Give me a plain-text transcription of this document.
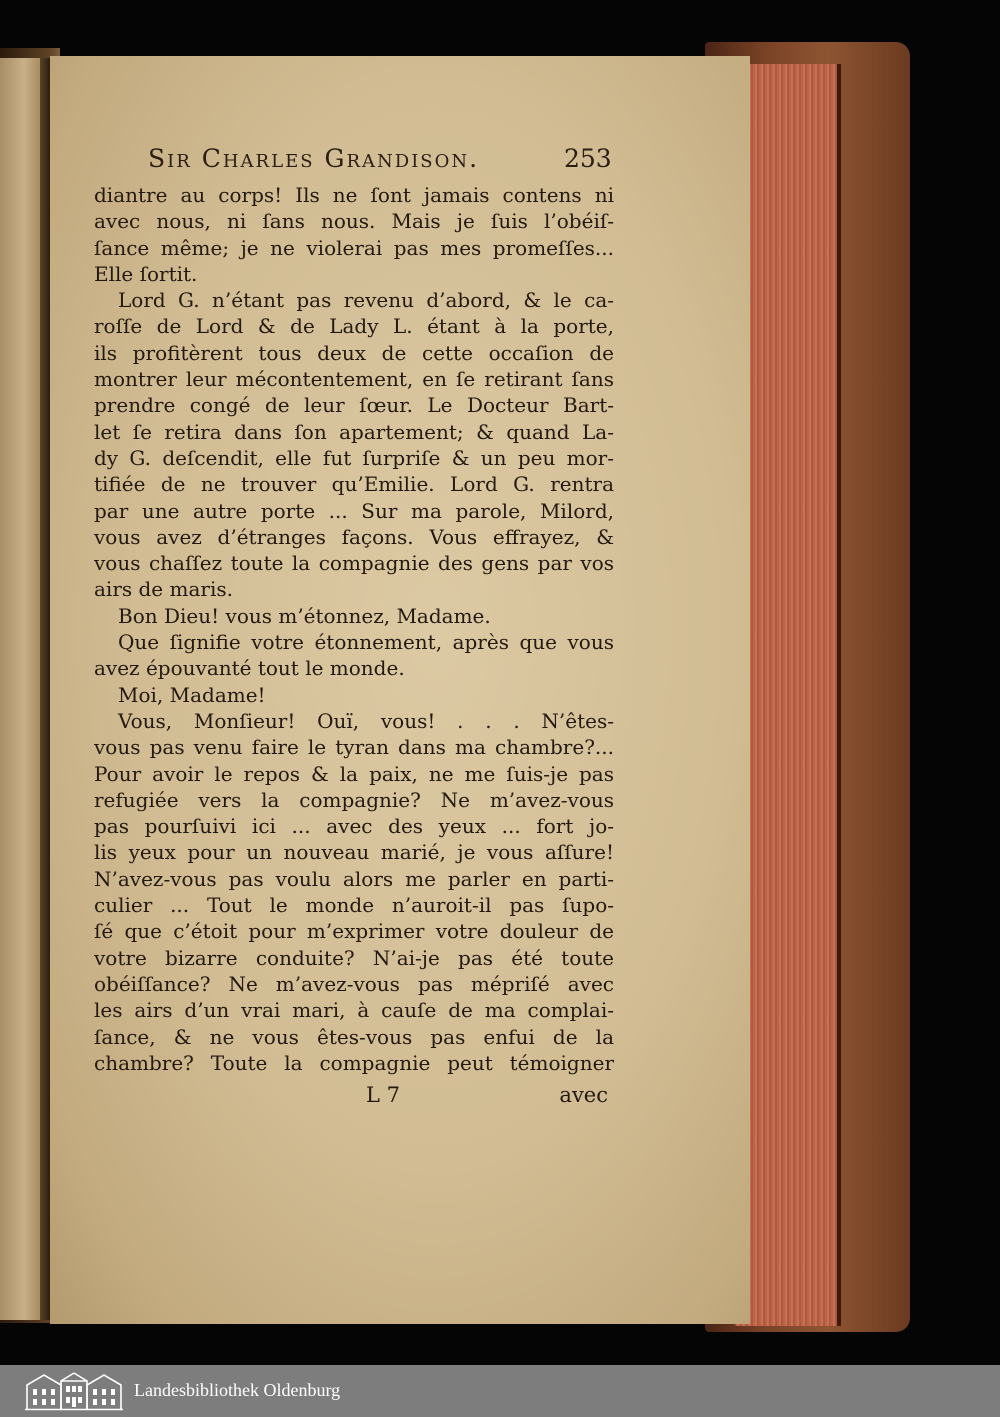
Sir Charles Grandison.	253
diantre au corps! Ils ne ſont jamais contens ni
avec nous, ni ſans nous. Mais je ſuis l’obéiſ-
ſance même; je ne violerai pas mes promeſſes...
Elle ſortit.
Lord G. n’étant pas revenu d’abord, & le ca-
roſſe de Lord & de Lady L. étant à la porte,
ils profitèrent tous deux de cette occaſion de
montrer leur mécontentement, en ſe retirant ſans
prendre congé de leur ſœur. Le Docteur Bart-
let ſe retira dans ſon apartement; & quand La-
dy G. deſcendit, elle fut ſurpriſe & un peu mor-
tifiée de ne trouver qu’Emilie. Lord G. rentra
par une autre porte ... Sur ma parole, Milord,
vous avez d’étranges façons. Vous effrayez, &
vous chaſſez toute la compagnie des gens par vos
airs de maris.
Bon Dieu! vous m’étonnez, Madame.
Que ſignifie votre étonnement, après que vous
avez épouvanté tout le monde.
Moi, Madame!
Vous, Monſieur! Ouï, vous! . . . N’êtes-
vous pas venu faire le tyran dans ma chambre?...
Pour avoir le repos & la paix, ne me ſuis-je pas
refugiée vers la compagnie? Ne m’avez-vous
pas pourſuivi ici ... avec des yeux ... fort jo-
lis yeux pour un nouveau marié, je vous aſſure!
N’avez-vous pas voulu alors me parler en parti-
culier ... Tout le monde n’auroit-il pas ſupo-
ſé que c’étoit pour m’exprimer votre douleur de
votre bizarre conduite? N’ai-je pas été toute
obéiſſance? Ne m’avez-vous pas mépriſé avec
les airs d’un vrai mari, à cauſe de ma complai-
ſance, & ne vous êtes-vous pas enfui de la
chambre? Toute la compagnie peut témoigner
L 7	avec
Landesbibliothek Oldenburg
